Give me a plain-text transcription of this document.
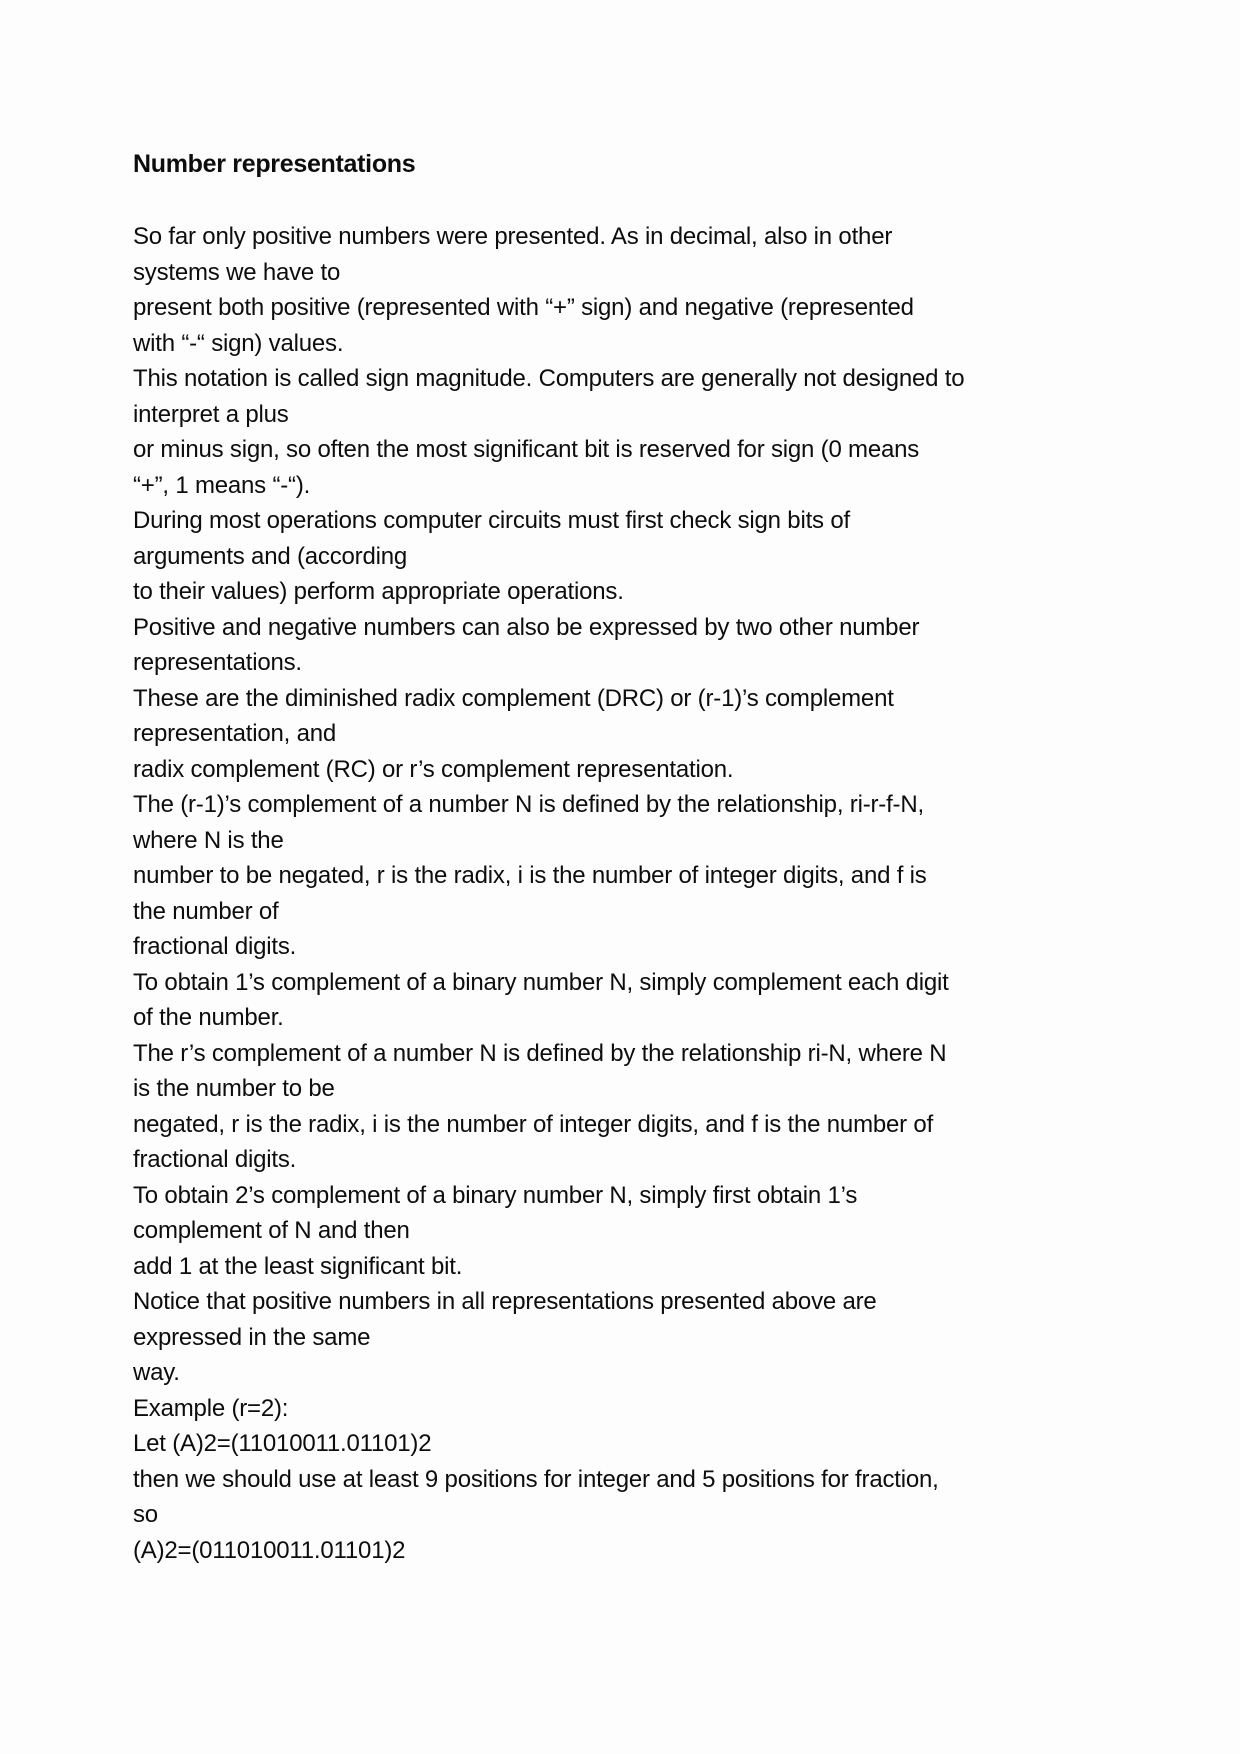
Number representations
So far only positive numbers were presented. As in decimal, also in other
systems we have to
present both positive (represented with “+” sign) and negative (represented
with “-“ sign) values.
This notation is called sign magnitude. Computers are generally not designed to
interpret a plus
or minus sign, so often the most significant bit is reserved for sign (0 means
“+”, 1 means “-“).
During most operations computer circuits must first check sign bits of
arguments and (according
to their values) perform appropriate operations.
Positive and negative numbers can also be expressed by two other number
representations.
These are the diminished radix complement (DRC) or (r-1)’s complement
representation, and
radix complement (RC) or r’s complement representation.
The (r-1)’s complement of a number N is defined by the relationship, ri-r-f-N,
where N is the
number to be negated, r is the radix, i is the number of integer digits, and f is
the number of
fractional digits.
To obtain 1’s complement of a binary number N, simply complement each digit
of the number.
The r’s complement of a number N is defined by the relationship ri-N, where N
is the number to be
negated, r is the radix, i is the number of integer digits, and f is the number of
fractional digits.
To obtain 2’s complement of a binary number N, simply first obtain 1’s
complement of N and then
add 1 at the least significant bit.
Notice that positive numbers in all representations presented above are
expressed in the same
way.
Example (r=2):
Let (A)2=(11010011.01101)2
then we should use at least 9 positions for integer and 5 positions for fraction,
so
(A)2=(011010011.01101)2
